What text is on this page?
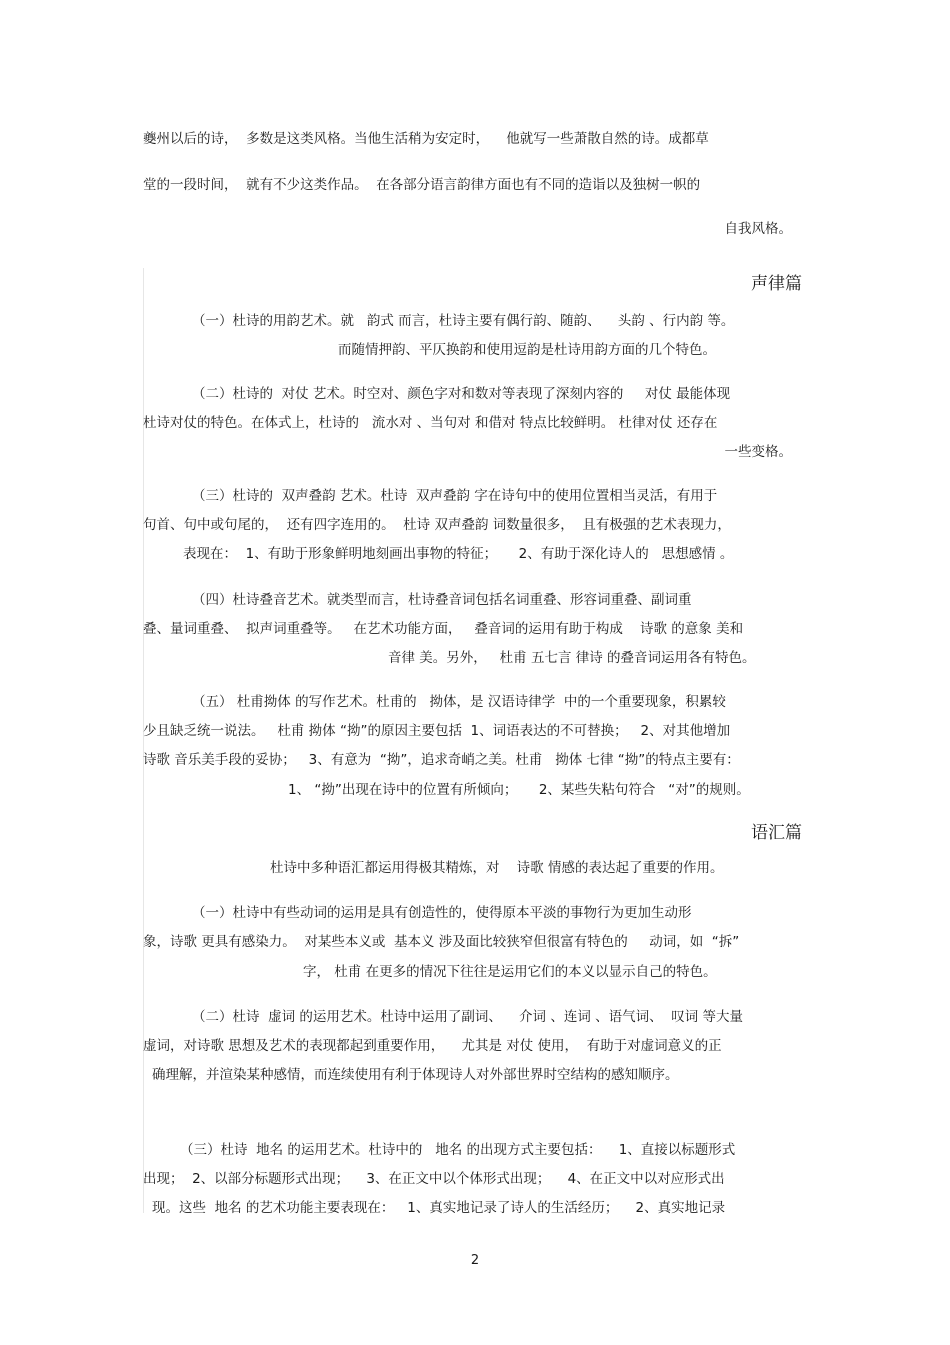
夔州以后的诗，  多数是这类风格。当他生活稍为安定时，    他就写一些萧散自然的诗。成都草
堂的一段时间，  就有不少这类作品。  在各部分语言韵律方面也有不同的造诣以及独树一帜的
自我风格。
声律篇
（一）杜诗的用韵艺术。就   韵式 而言，杜诗主要有偶行韵、随韵、    头韵 、行内韵 等。
而随情押韵、平仄换韵和使用逗韵是杜诗用韵方面的几个特色。
（二）杜诗的  对仗 艺术。时空对、颜色字对和数对等表现了深刻内容的     对仗 最能体现
杜诗对仗的特色。在体式上，杜诗的   流水对 、当句对 和借对 特点比较鲜明。 杜律对仗 还存在
一些变格。
（三）杜诗的  双声叠韵 艺术。杜诗  双声叠韵 字在诗句中的使用位置相当灵活，有用于
句首、句中或句尾的，  还有四字连用的。  杜诗 双声叠韵 词数量很多，  且有极强的艺术表现力，
表现在：  1、有助于形象鲜明地刻画出事物的特征；     2、有助于深化诗人的   思想感情 。
（四）杜诗叠音艺术。就类型而言，杜诗叠音词包括名词重叠、形容词重叠、副词重
叠、量词重叠、  拟声词重叠等。   在艺术功能方面，   叠音词的运用有助于构成    诗歌 的意象 美和
音律 美。另外，   杜甫 五七言 律诗 的叠音词运用各有特色。
（五） 杜甫拗体 的写作艺术。杜甫的   拗体，是 汉语诗律学  中的一个重要现象，积累较
少且缺乏统一说法。   杜甫 拗体 “拗”的原因主要包括  1、词语表达的不可替换；   2、对其他增加
诗歌 音乐美手段的妥协；   3、有意为  “拗”，追求奇峭之美。杜甫   拗体 七律 “拗”的特点主要有：
1、 “拗”出现在诗中的位置有所倾向；     2、某些失粘句符合   “对”的规则。
语汇篇
杜诗中多种语汇都运用得极其精炼，对    诗歌 情感的表达起了重要的作用。
（一）杜诗中有些动词的运用是具有创造性的，使得原本平淡的事物行为更加生动形
象，诗歌 更具有感染力。  对某些本义或  基本义 涉及面比较狭窄但很富有特色的     动词，如  “拆”
字， 杜甫 在更多的情况下往往是运用它们的本义以显示自己的特色。
（二）杜诗  虚词 的运用艺术。杜诗中运用了副词、    介词 、连词 、语气词、  叹词 等大量
虚词，对诗歌 思想及艺术的表现都起到重要作用，    尤其是 对仗 使用，  有助于对虚词意义的正
确理解，并渲染某种感情，而连续使用有利于体现诗人对外部世界时空结构的感知顺序。
（三）杜诗  地名 的运用艺术。杜诗中的   地名 的出现方式主要包括：    1、直接以标题形式
出现；  2、以部分标题形式出现；    3、在正文中以个体形式出现；    4、在正文中以对应形式出
现。这些  地名 的艺术功能主要表现在：   1、真实地记录了诗人的生活经历；    2、真实地记录
2
